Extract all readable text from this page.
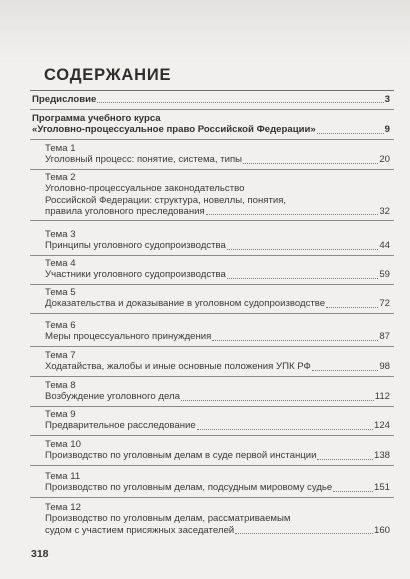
СОДЕРЖАНИЕ
Предисловие	3
Программа учебного курса
«Уголовно-процессуальное право Российской Федерации»	9
Тема 1
Уголовный процесс: понятие, система, типы	20
Тема 2
Уголовно-процессуальное законодательство
Российской Федерации: структура, новеллы, понятия,
правила уголовного преследования	32
Тема 3
Принципы уголовного судопроизводства	44
Тема 4
Участники уголовного судопроизводства	59
Тема 5
Доказательства и доказывание в уголовном судопроизводстве	72
Тема 6
Меры процессуального принуждения	87
Тема 7
Ходатайства, жалобы и иные основные положения УПК РФ	98
Тема 8
Возбуждение уголовного дела	112
Тема 9
Предварительное расследование	124
Тема 10
Производство по уголовным делам в суде первой инстанции	138
Тема 11
Производство по уголовным делам, подсудным мировому судье	151
Тема 12
Производство по уголовным делам, рассматриваемым
судом с участием присяжных заседателей	160
318
